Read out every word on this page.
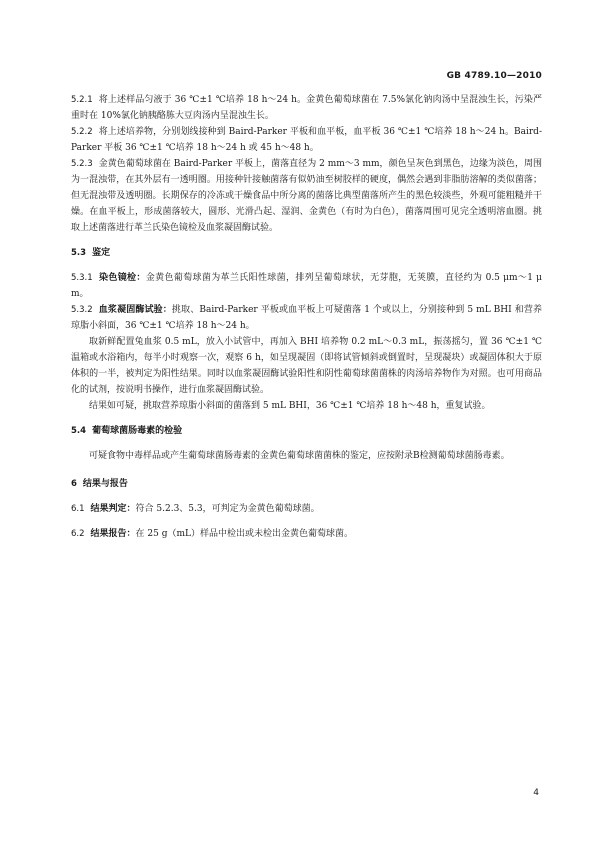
GB 4789.10—2010

5.2.1 将上述样品匀液于 36 ℃±1 ℃培养 18 h～24 h。金黄色葡萄球菌在 7.5%氯化钠肉汤中呈混浊生长，污染严重时在 10%氯化钠胰酪胨大豆肉汤内呈混浊生长。

5.2.2 将上述培养物，分别划线接种到 Baird-Parker 平板和血平板，血平板 36 ℃±1 ℃培养 18 h～24 h。Baird-Parker 平板 36 ℃±1 ℃培养 18 h～24 h 或 45 h～48 h。

5.2.3 金黄色葡萄球菌在 Baird-Parker 平板上，菌落直径为 2 mm～3 mm，颜色呈灰色到黑色，边缘为淡色，周围为一混浊带，在其外层有一透明圈。用接种针接触菌落有似奶油至树胶样的硬度，偶然会遇到非脂肪溶解的类似菌落；但无混浊带及透明圈。长期保存的冷冻或干燥食品中所分离的菌落比典型菌落所产生的黑色较淡些，外观可能粗糙并干燥。在血平板上，形成菌落较大，圆形、光滑凸起、湿润、金黄色（有时为白色），菌落周围可见完全透明溶血圈。挑取上述菌落进行革兰氏染色镜检及血浆凝固酶试验。

5.3 鉴定

5.3.1 染色镜检：金黄色葡萄球菌为革兰氏阳性球菌，排列呈葡萄球状，无芽胞，无荚膜，直径约为 0.5 μm～1 μm。

5.3.2 血浆凝固酶试验：挑取、Baird-Parker 平板或血平板上可疑菌落 1 个或以上，分别接种到 5 mL BHI 和营养琼脂小斜面，36 ℃±1 ℃培养 18 h～24 h。

取新鲜配置兔血浆 0.5 mL，放入小试管中，再加入 BHI 培养物 0.2 mL～0.3 mL，振荡摇匀，置 36 ℃±1 ℃温箱或水浴箱内，每半小时观察一次，观察 6 h，如呈现凝固（即将试管倾斜或倒置时，呈现凝块）或凝固体积大于原体积的一半，被判定为阳性结果。同时以血浆凝固酶试验阳性和阴性葡萄球菌菌株的肉汤培养物作为对照。也可用商品化的试剂，按说明书操作，进行血浆凝固酶试验。

结果如可疑，挑取营养琼脂小斜面的菌落到 5 mL BHI，36 ℃±1 ℃培养 18 h～48 h，重复试验。

5.4 葡萄球菌肠毒素的检验

可疑食物中毒样品或产生葡萄球菌肠毒素的金黄色葡萄球菌菌株的鉴定，应按附录B检测葡萄球菌肠毒素。

6 结果与报告

6.1 结果判定：符合 5.2.3、5.3，可判定为金黄色葡萄球菌。

6.2 结果报告：在 25 g（mL）样品中检出或未检出金黄色葡萄球菌。

4
